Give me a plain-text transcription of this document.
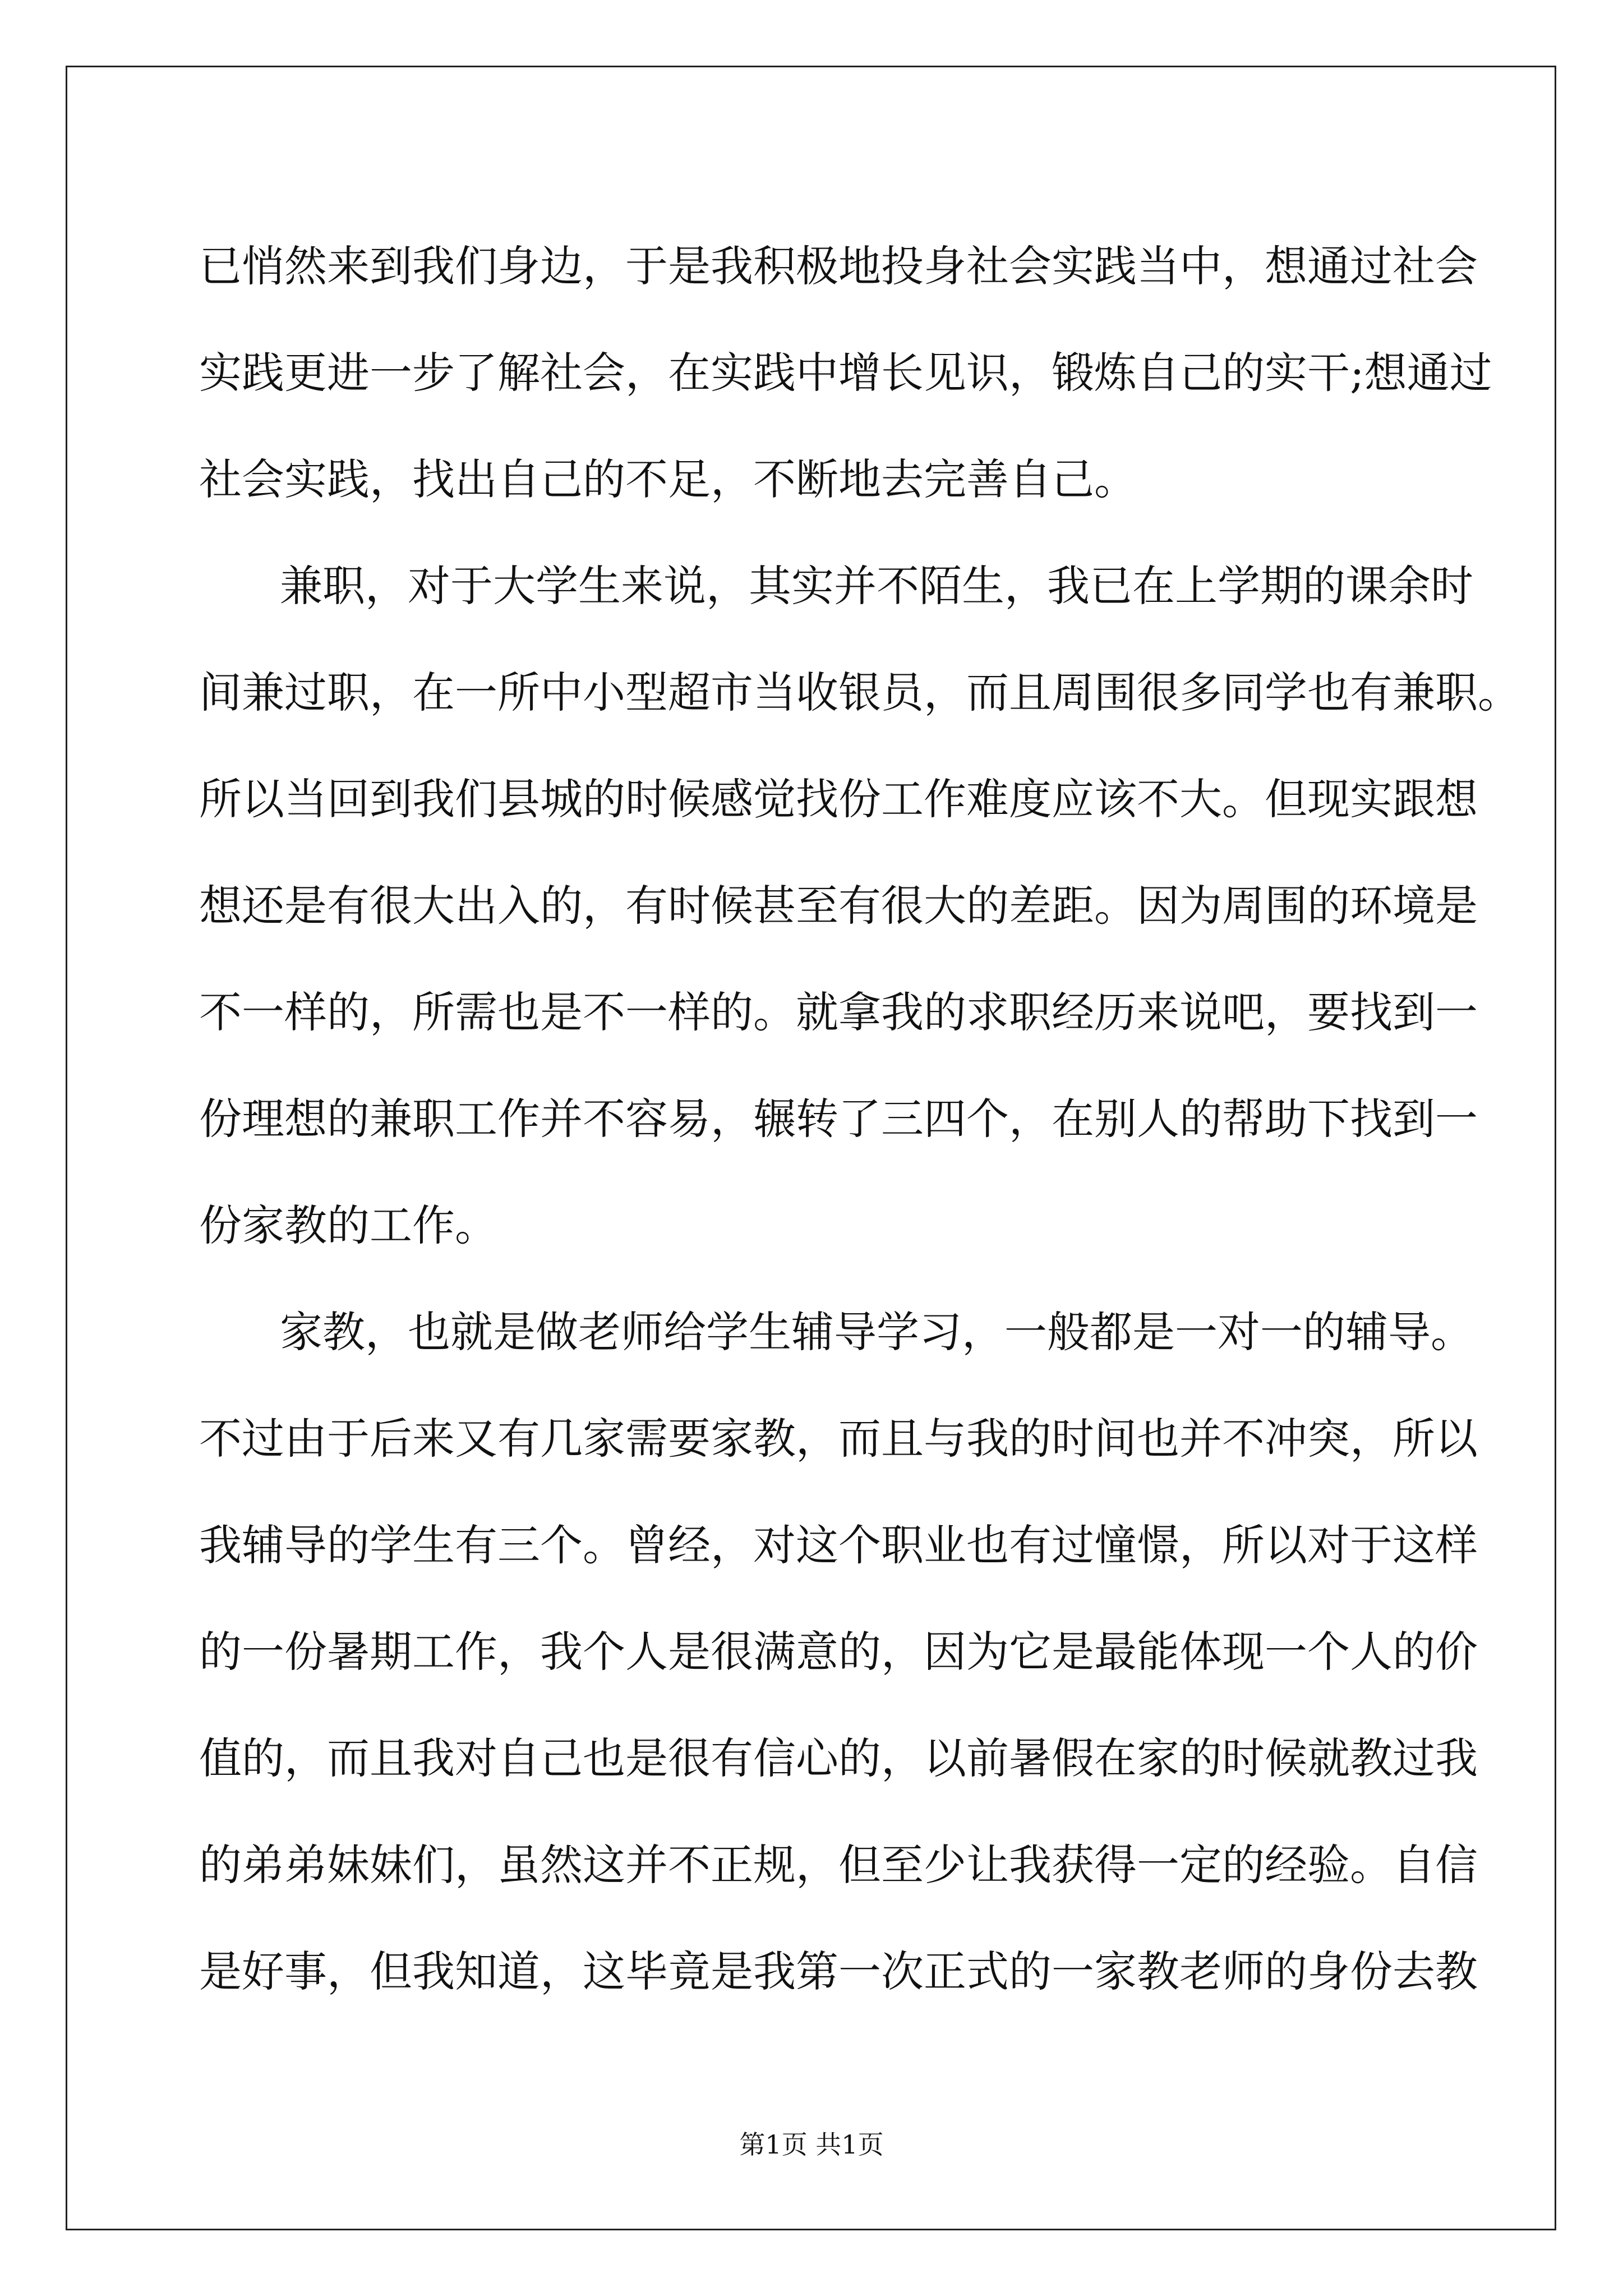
已悄然来到我们身边，于是我积极地投身社会实践当中，想通过社会
实践更进一步了解社会，在实践中增长见识，锻炼自己的实干;想通过
社会实践，找出自己的不足，不断地去完善自己。
兼职，对于大学生来说，其实并不陌生，我已在上学期的课余时
间兼过职，在一所中小型超市当收银员，而且周围很多同学也有兼职。
所以当回到我们县城的时候感觉找份工作难度应该不大。但现实跟想
想还是有很大出入的，有时候甚至有很大的差距。因为周围的环境是
不一样的，所需也是不一样的。就拿我的求职经历来说吧，要找到一
份理想的兼职工作并不容易，辗转了三四个，在别人的帮助下找到一
份家教的工作。
家教，也就是做老师给学生辅导学习，一般都是一对一的辅导。
不过由于后来又有几家需要家教，而且与我的时间也并不冲突，所以
我辅导的学生有三个。曾经，对这个职业也有过憧憬，所以对于这样
的一份暑期工作，我个人是很满意的，因为它是最能体现一个人的价
值的，而且我对自己也是很有信心的，以前暑假在家的时候就教过我
的弟弟妹妹们，虽然这并不正规，但至少让我获得一定的经验。自信
是好事，但我知道，这毕竟是我第一次正式的一家教老师的身份去教
第1页 共1页
